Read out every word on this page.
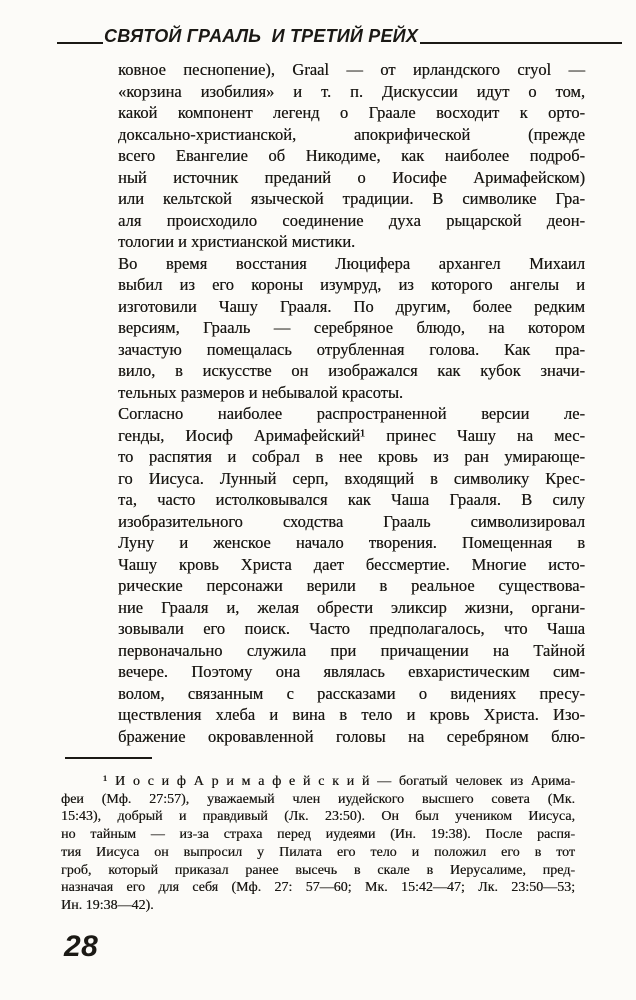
СВЯТОЙ ГРААЛЬ  И ТРЕТИЙ РЕЙХ
ковное песнопение), Graal — от ирландского cryol —
«корзина изобилия» и т. п. Дискуссии идут о том,
какой компонент легенд о Граале восходит к орто-
доксально-христианской, апокрифической (прежде
всего Евангелие об Никодиме, как наиболее подроб-
ный источник преданий о Иосифе Аримафейском)
или кельтской языческой традиции. В символике Гра-
аля происходило соединение духа рыцарской деон-
тологии и христианской мистики.
Во время восстания Люцифера архангел Михаил
выбил из его короны изумруд, из которого ангелы и
изготовили Чашу Грааля. По другим, более редким
версиям, Грааль — серебряное блюдо, на котором
зачастую помещалась отрубленная голова. Как пра-
вило, в искусстве он изображался как кубок значи-
тельных размеров и небывалой красоты.
Согласно наиболее распространенной версии ле-
генды, Иосиф Аримафейский¹ принес Чашу на мес-
то распятия и собрал в нее кровь из ран умирающе-
го Иисуса. Лунный серп, входящий в символику Крес-
та, часто истолковывался как Чаша Грааля. В силу
изобразительного сходства Грааль символизировал
Луну и женское начало творения. Помещенная в
Чашу кровь Христа дает бессмертие. Многие исто-
рические персонажи верили в реальное существова-
ние Грааля и, желая обрести эликсир жизни, органи-
зовывали его поиск. Часто предполагалось, что Чаша
первоначально служила при причащении на Тайной
вечере. Поэтому она являлась евхаристическим сим-
волом, связанным с рассказами о видениях пресу-
ществления хлеба и вина в тело и кровь Христа. Изо-
бражение окровавленной головы на серебряном блю-
¹ И о с и ф А р и м а ф е й с к и й — богатый человек из Арима-
феи (Мф. 27:57), уважаемый член иудейского высшего совета (Мк.
15:43), добрый и правдивый (Лк. 23:50). Он был учеником Иисуса,
но тайным — из-за страха перед иудеями (Ин. 19:38). После распя-
тия Иисуса он выпросил у Пилата его тело и положил его в тот
гроб, который приказал ранее высечь в скале в Иерусалиме, пред-
назначая его для себя (Мф. 27: 57—60; Мк. 15:42—47; Лк. 23:50—53;
Ин. 19:38—42).
28
